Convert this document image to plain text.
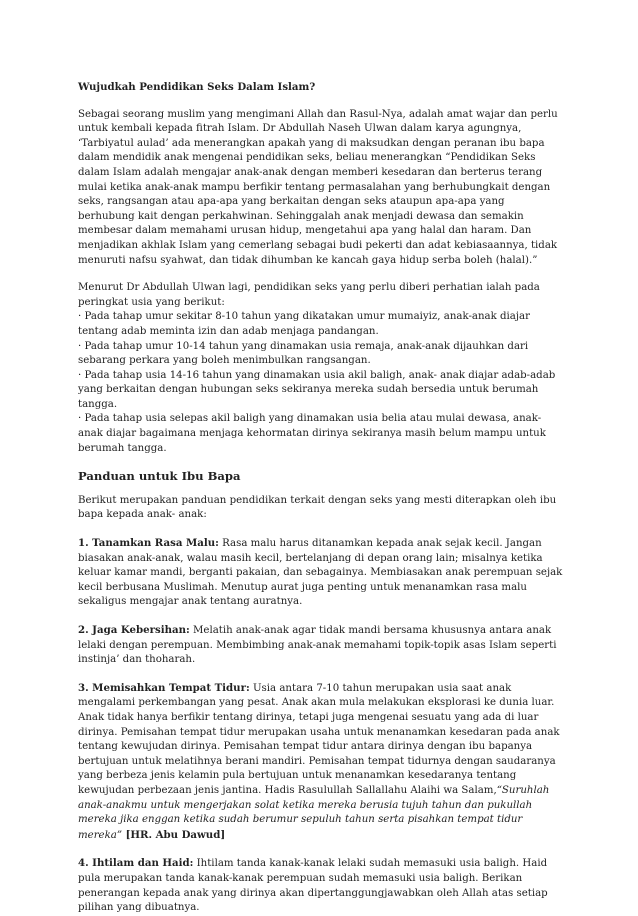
Wujudkah Pendidikan Seks Dalam Islam?

Sebagai seorang muslim yang mengimani Allah dan Rasul-Nya, adalah amat wajar dan perlu untuk kembali kepada fitrah Islam. Dr Abdullah Naseh Ulwan dalam karya agungnya, ‘Tarbiyatul aulad’ ada menerangkan apakah yang di maksudkan dengan peranan ibu bapa dalam mendidik anak mengenai pendidikan seks, beliau menerangkan “Pendidikan Seks dalam Islam adalah mengajar anak-anak dengan memberi kesedaran dan berterus terang mulai ketika anak-anak mampu berfikir tentang permasalahan yang berhubungkait dengan seks, rangsangan atau apa-apa yang berkaitan dengan seks ataupun apa-apa yang berhubung kait dengan perkahwinan. Sehinggalah anak menjadi dewasa dan semakin membesar dalam memahami urusan hidup, mengetahui apa yang halal dan haram. Dan menjadikan akhlak Islam yang cemerlang sebagai budi pekerti dan adat kebiasaannya, tidak menuruti nafsu syahwat, dan tidak dihumban ke kancah gaya hidup serba boleh (halal).”

Menurut Dr Abdullah Ulwan lagi, pendidikan seks yang perlu diberi perhatian ialah pada peringkat usia yang berikut:

· Pada tahap umur sekitar 8-10 tahun yang dikatakan umur mumaiyiz, anak-anak diajar tentang adab meminta izin dan adab menjaga pandangan.

· Pada tahap umur 10-14 tahun yang dinamakan usia remaja, anak-anak dijauhkan dari sebarang perkara yang boleh menimbulkan rangsangan.

· Pada tahap usia 14-16 tahun yang dinamakan usia akil baligh, anak- anak diajar adab-adab yang berkaitan dengan hubungan seks sekiranya mereka sudah bersedia untuk berumah tangga.

· Pada tahap usia selepas akil baligh yang dinamakan usia belia atau mulai dewasa, anak-anak diajar bagaimana menjaga kehormatan dirinya sekiranya masih belum mampu untuk berumah tangga.

Panduan untuk Ibu Bapa

Berikut merupakan panduan pendidikan terkait dengan seks yang mesti diterapkan oleh ibu bapa kepada anak- anak:

1. Tanamkan Rasa Malu: Rasa malu harus ditanamkan kepada anak sejak kecil. Jangan biasakan anak-anak, walau masih kecil, bertelanjang di depan orang lain; misalnya ketika keluar kamar mandi, berganti pakaian, dan sebagainya. Membiasakan anak perempuan sejak kecil berbusana Muslimah. Menutup aurat juga penting untuk menanamkan rasa malu sekaligus mengajar anak tentang auratnya.

2. Jaga Kebersihan: Melatih anak-anak agar tidak mandi bersama khususnya antara anak lelaki dengan perempuan. Membimbing anak-anak memahami topik-topik asas Islam seperti instinja’ dan thoharah.

3. Memisahkan Tempat Tidur: Usia antara 7-10 tahun merupakan usia saat anak mengalami perkembangan yang pesat. Anak akan mula melakukan eksplorasi ke dunia luar. Anak tidak hanya berfikir tentang dirinya, tetapi juga mengenai sesuatu yang ada di luar dirinya. Pemisahan tempat tidur merupakan usaha untuk menanamkan kesedaran pada anak tentang kewujudan dirinya. Pemisahan tempat tidur antara dirinya dengan ibu bapanya bertujuan untuk melatihnya berani mandiri. Pemisahan tempat tidurnya dengan saudaranya yang berbeza jenis kelamin pula bertujuan untuk menanamkan kesedaranya tentang kewujudan perbezaan jenis jantina. Hadis Rasulullah Sallallahu Alaihi wa Salam,“Suruhlah anak-anakmu untuk mengerjakan solat ketika mereka berusia tujuh tahun dan pukullah mereka jika enggan ketika sudah berumur sepuluh tahun serta pisahkan tempat tidur mereka” [HR. Abu Dawud]

4. Ihtilam dan Haid: Ihtilam tanda kanak-kanak lelaki sudah memasuki usia baligh. Haid pula merupakan tanda kanak-kanak perempuan sudah memasuki usia baligh. Berikan penerangan kepada anak yang dirinya akan dipertanggungjawabkan oleh Allah atas setiap pilihan yang dibuatnya.
